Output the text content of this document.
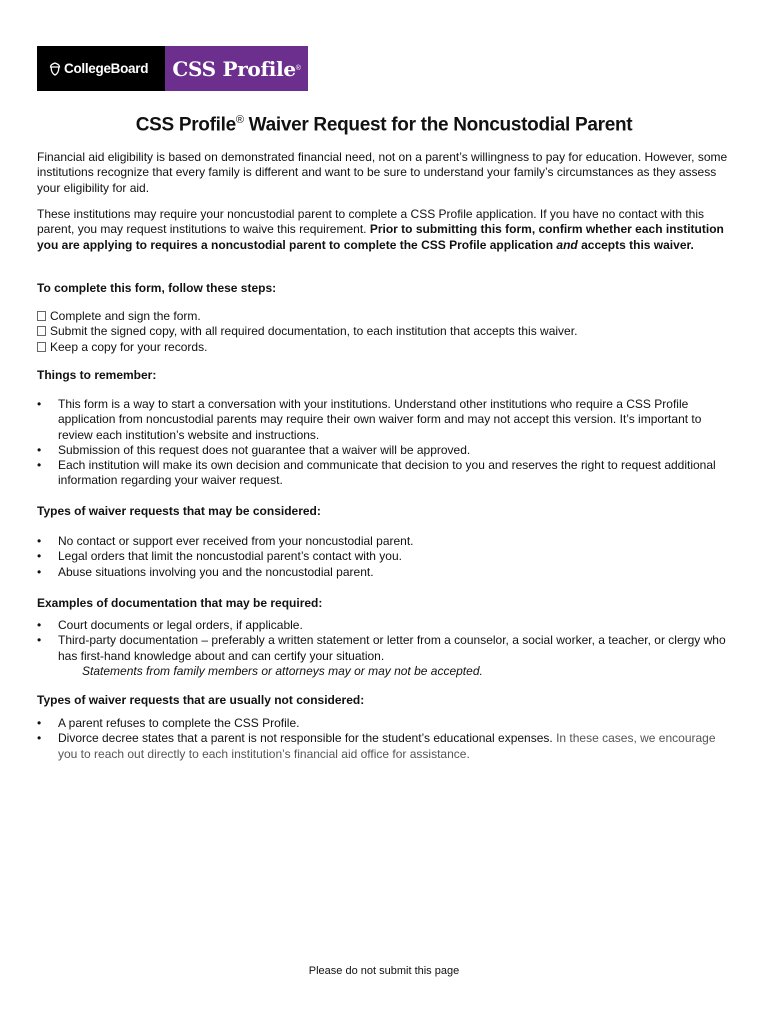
CollegeBoard CSS Profile ®
CSS Profile® Waiver Request for the Noncustodial Parent
Financial aid eligibility is based on demonstrated financial need, not on a parent’s willingness to pay for education. However, some institutions recognize that every family is different and want to be sure to understand your family’s circumstances as they assess your eligibility for aid.
These institutions may require your noncustodial parent to complete a CSS Profile application. If you have no contact with this parent, you may request institutions to waive this requirement. Prior to submitting this form, confirm whether each institution you are applying to requires a noncustodial parent to complete the CSS Profile application and accepts this waiver.
To complete this form, follow these steps:
Complete and sign the form.
Submit the signed copy, with all required documentation, to each institution that accepts this waiver.
Keep a copy for your records.
Things to remember:
• This form is a way to start a conversation with your institutions. Understand other institutions who require a CSS Profile application from noncustodial parents may require their own waiver form and may not accept this version. It’s important to review each institution’s website and instructions.
• Submission of this request does not guarantee that a waiver will be approved.
• Each institution will make its own decision and communicate that decision to you and reserves the right to request additional information regarding your waiver request.
Types of waiver requests that may be considered:
• No contact or support ever received from your noncustodial parent.
• Legal orders that limit the noncustodial parent’s contact with you.
• Abuse situations involving you and the noncustodial parent.
Examples of documentation that may be required:
• Court documents or legal orders, if applicable.
• Third-party documentation – preferably a written statement or letter from a counselor, a social worker, a teacher, or clergy who has first-hand knowledge about and can certify your situation.
Statements from family members or attorneys may or may not be accepted.
Types of waiver requests that are usually not considered:
• A parent refuses to complete the CSS Profile.
• Divorce decree states that a parent is not responsible for the student’s educational expenses. In these cases, we encourage you to reach out directly to each institution’s financial aid office for assistance.
Please do not submit this page
